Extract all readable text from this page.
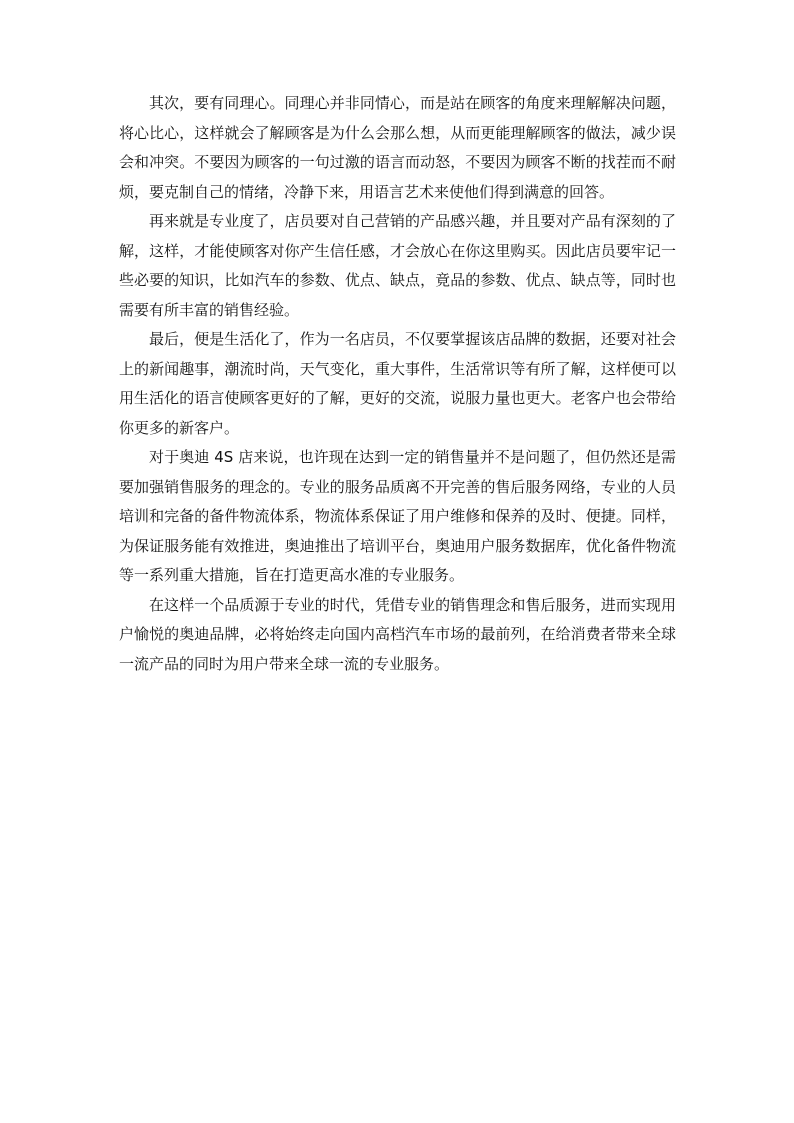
其次，要有同理心。同理心并非同情心，而是站在顾客的角度来理解解决问题，将心比心，这样就会了解顾客是为什么会那么想，从而更能理解顾客的做法，减少误会和冲突。不要因为顾客的一句过激的语言而动怒，不要因为顾客不断的找茬而不耐烦，要克制自己的情绪，冷静下来，用语言艺术来使他们得到满意的回答。

再来就是专业度了，店员要对自己营销的产品感兴趣，并且要对产品有深刻的了解，这样，才能使顾客对你产生信任感，才会放心在你这里购买。因此店员要牢记一些必要的知识，比如汽车的参数、优点、缺点，竟品的参数、优点、缺点等，同时也需要有所丰富的销售经验。

最后，便是生活化了，作为一名店员，不仅要掌握该店品牌的数据，还要对社会上的新闻趣事，潮流时尚，天气变化，重大事件，生活常识等有所了解，这样便可以用生活化的语言使顾客更好的了解，更好的交流，说服力量也更大。老客户也会带给你更多的新客户。

对于奥迪 4S 店来说，也许现在达到一定的销售量并不是问题了，但仍然还是需要加强销售服务的理念的。专业的服务品质离不开完善的售后服务网络，专业的人员培训和完备的备件物流体系，物流体系保证了用户维修和保养的及时、便捷。同样，为保证服务能有效推进，奥迪推出了培训平台，奥迪用户服务数据库，优化备件物流等一系列重大措施，旨在打造更高水准的专业服务。

在这样一个品质源于专业的时代，凭借专业的销售理念和售后服务，进而实现用户愉悦的奥迪品牌，必将始终走向国内高档汽车市场的最前列，在给消费者带来全球一流产品的同时为用户带来全球一流的专业服务。
